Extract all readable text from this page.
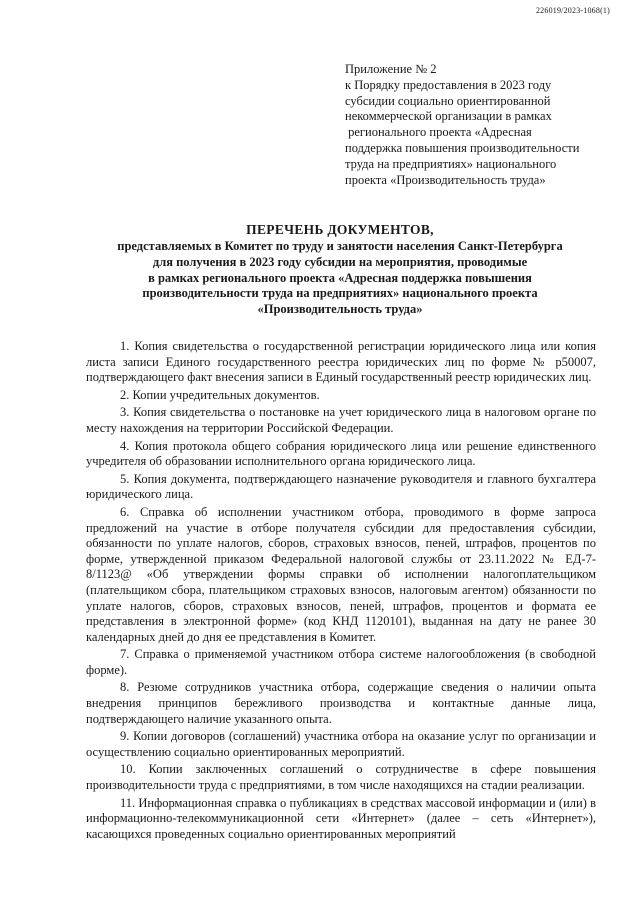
226019/2023-1068(1)
Приложение № 2
к Порядку предоставления в 2023 году
субсидии социально ориентированной
некоммерческой организации в рамках
регионального проекта «Адресная
поддержка повышения производительности
труда на предприятиях» национального
проекта «Производительность труда»
ПЕРЕЧЕНЬ ДОКУМЕНТОВ,
представляемых в Комитет по труду и занятости населения Санкт-Петербурга
для получения в 2023 году субсидии на мероприятия, проводимые
в рамках регионального проекта «Адресная поддержка повышения
производительности труда на предприятиях» национального проекта
«Производительность труда»

1. Копия свидетельства о государственной регистрации юридического лица или копия листа записи Единого государственного реестра юридических лиц по форме № р50007, подтверждающего факт внесения записи в Единый государственный реестр юридических лиц.

2. Копии учредительных документов.

3. Копия свидетельства о постановке на учет юридического лица в налоговом органе по месту нахождения на территории Российской Федерации.

4. Копия протокола общего собрания юридического лица или решение единственного учредителя об образовании исполнительного органа юридического лица.

5. Копия документа, подтверждающего назначение руководителя и главного бухгалтера юридического лица.

6. Справка об исполнении участником отбора, проводимого в форме запроса предложений на участие в отборе получателя субсидии для предоставления субсидии, обязанности по уплате налогов, сборов, страховых взносов, пеней, штрафов, процентов по форме, утвержденной приказом Федеральной налоговой службы от 23.11.2022 № ЕД-7-8/1123@ «Об утверждении формы справки об исполнении налогоплательщиком (плательщиком сбора, плательщиком страховых взносов, налоговым агентом) обязанности по уплате налогов, сборов, страховых взносов, пеней, штрафов, процентов и формата ее представления в электронной форме» (код КНД 1120101), выданная на дату не ранее 30 календарных дней до дня ее представления в Комитет.

7. Справка о применяемой участником отбора системе налогообложения (в свободной форме).

8. Резюме сотрудников участника отбора, содержащие сведения о наличии опыта внедрения принципов бережливого производства и контактные данные лица, подтверждающего наличие указанного опыта.

9. Копии договоров (соглашений) участника отбора на оказание услуг по организации и осуществлению социально ориентированных мероприятий.

10. Копии заключенных соглашений о сотрудничестве в сфере повышения производительности труда с предприятиями, в том числе находящихся на стадии реализации.

11. Информационная справка о публикациях в средствах массовой информации и (или) в информационно-телекоммуникационной сети «Интернет» (далее – сеть «Интернет»), касающихся проведенных социально ориентированных мероприятий
